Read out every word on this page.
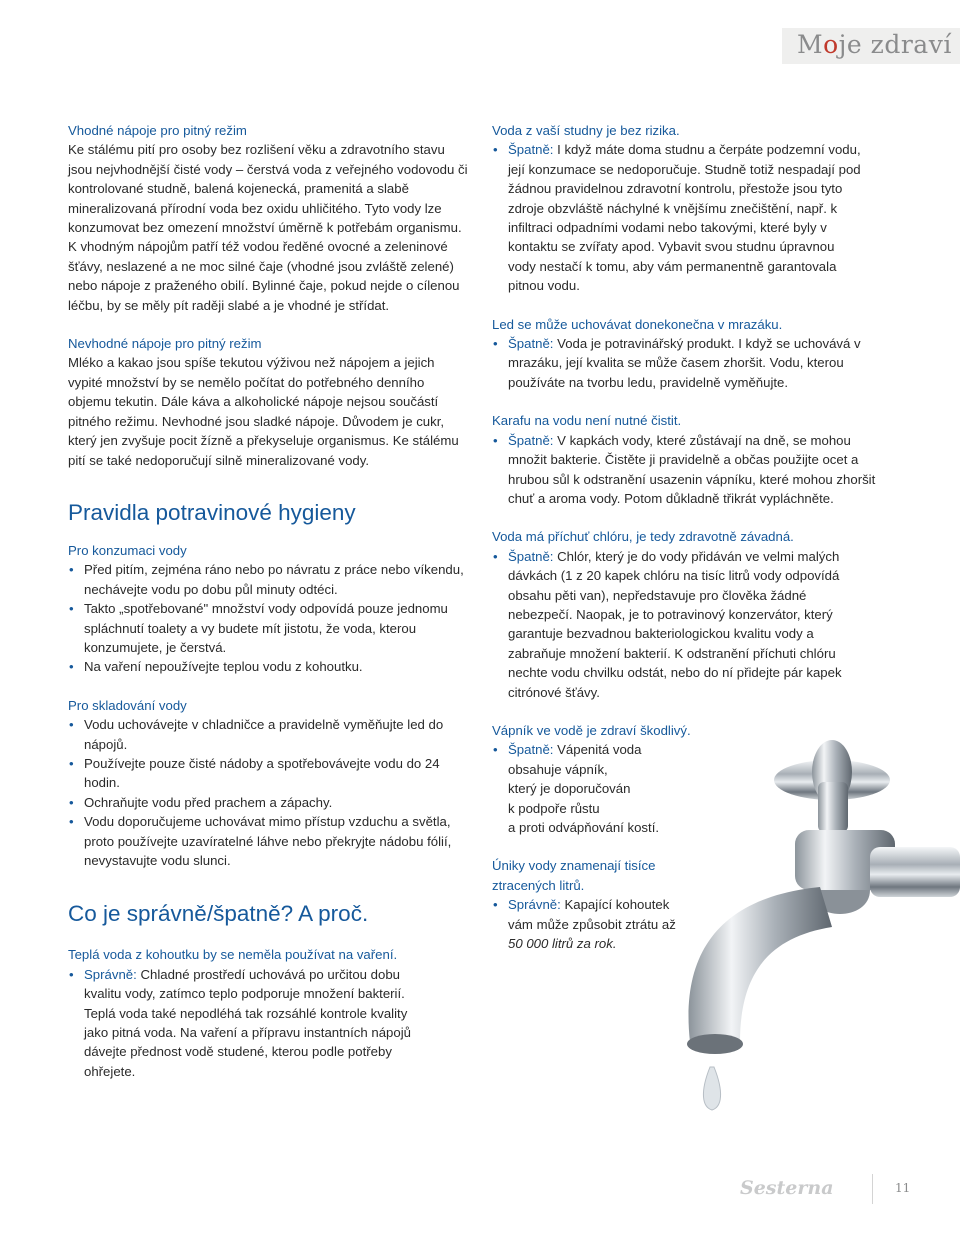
Moje zdraví

Vhodné nápoje pro pitný režim

Ke stálému pití pro osoby bez rozlišení věku a zdravotního stavu jsou nejvhodnější čisté vody – čerstvá voda z veřejného vodovodu či kontrolované studně, balená kojenecká, pramenitá a slabě mineralizovaná přírodní voda bez oxidu uhličitého. Tyto vody lze konzumovat bez omezení množství úměrně k potřebám organismu. K vhodným nápojům patří též vodou ředěné ovocné a zeleninové šťávy, neslazené a ne moc silné čaje (vhodné jsou zvláště zelené) nebo nápoje z praženého obilí. Bylinné čaje, pokud nejde o cílenou léčbu, by se měly pít raději slabé a je vhodné je střídat.

Nevhodné nápoje pro pitný režim

Mléko a kakao jsou spíše tekutou výživou než nápojem a jejich vypité množství by se nemělo počítat do potřebného denního objemu tekutin. Dále káva a alkoholické nápoje nejsou součástí pitného režimu. Nevhodné jsou sladké nápoje. Důvodem je cukr, který jen zvyšuje pocit žízně a překyseluje organismus. Ke stálému pití se také nedoporučují silně mineralizované vody.

Pravidla potravinové hygieny

Pro konzumaci vody

• Před pitím, zejména ráno nebo po návratu z práce nebo víkendu, nechávejte vodu po dobu půl minuty odtéci.
• Takto „spotřebované" množství vody odpovídá pouze jednomu spláchnutí toalety a vy budete mít jistotu, že voda, kterou konzumujete, je čerstvá.
• Na vaření nepoužívejte teplou vodu z kohoutku.

Pro skladování vody

• Vodu uchovávejte v chladničce a pravidelně vyměňujte led do nápojů.
• Používejte pouze čisté nádoby a spotřebovávejte vodu do 24 hodin.
• Ochraňujte vodu před prachem a zápachy.
• Vodu doporučujeme uchovávat mimo přístup vzduchu a světla, proto používejte uzavíratelné láhve nebo překryjte nádobu fólií, nevystavujte vodu slunci.
Co je správně/špatně? A proč.

Teplá voda z kohoutku by se neměla používat na vaření.

• Správně: Chladné prostředí uchovává po určitou dobu kvalitu vody, zatímco teplo podporuje množení bakterií. Teplá voda také nepodléhá tak rozsáhlé kontrole kvality jako pitná voda. Na vaření a přípravu instantních nápojů dávejte přednost vodě studené, kterou podle potřeby ohřejete.

Voda z vaší studny je bez rizika.

• Špatně: I když máte doma studnu a čerpáte podzemní vodu, její konzumace se nedoporučuje. Studně totiž nespadají pod žádnou pravidelnou zdravotní kontrolu, přestože jsou tyto zdroje obzvláště náchylné k vnějšímu znečištění, např. k infiltraci odpadními vodami nebo takovými, které byly v kontaktu se zvířaty apod. Vybavit svou studnu úpravnou vody nestačí k tomu, aby vám permanentně garantovala pitnou vodu.

Led se může uchovávat donekonečna v mrazáku.

• Špatně: Voda je potravinářský produkt. I když se uchovává v mrazáku, její kvalita se může časem zhoršit. Vodu, kterou používáte na tvorbu ledu, pravidelně vyměňujte.

Karafu na vodu není nutné čistit.

• Špatně: V kapkách vody, které zůstávají na dně, se mohou množit bakterie. Čistěte ji pravidelně a občas použijte ocet a hrubou sůl k odstranění usazenin vápníku, které mohou zhoršit chuť a aroma vody. Potom důkladně třikrát vypláchněte.

Voda má příchuť chlóru, je tedy zdravotně závadná.

• Špatně: Chlór, který je do vody přidáván ve velmi malých dávkách (1 z 20 kapek chlóru na tisíc litrů vody odpovídá obsahu pěti van), nepředstavuje pro člověka žádné nebezpečí. Naopak, je to potravinový konzervátor, který garantuje bezvadnou bakteriologickou kvalitu vody a zabraňuje množení bakterií. K odstranění příchuti chlóru nechte vodu chvilku odstát, nebo do ní přidejte pár kapek citrónové šťávy.

Vápník ve vodě je zdraví škodlivý.

• Špatně: Vápenitá voda
obsahuje vápník,
který je doporučován
k podpoře růstu
a proti odvápňování kostí.

Úniky vody znamenají tisíce
ztracených litrů.

• Správně: Kapající kohoutek
vám může způsobit ztrátu až
50 000 litrů za rok.
Sesterna	11
